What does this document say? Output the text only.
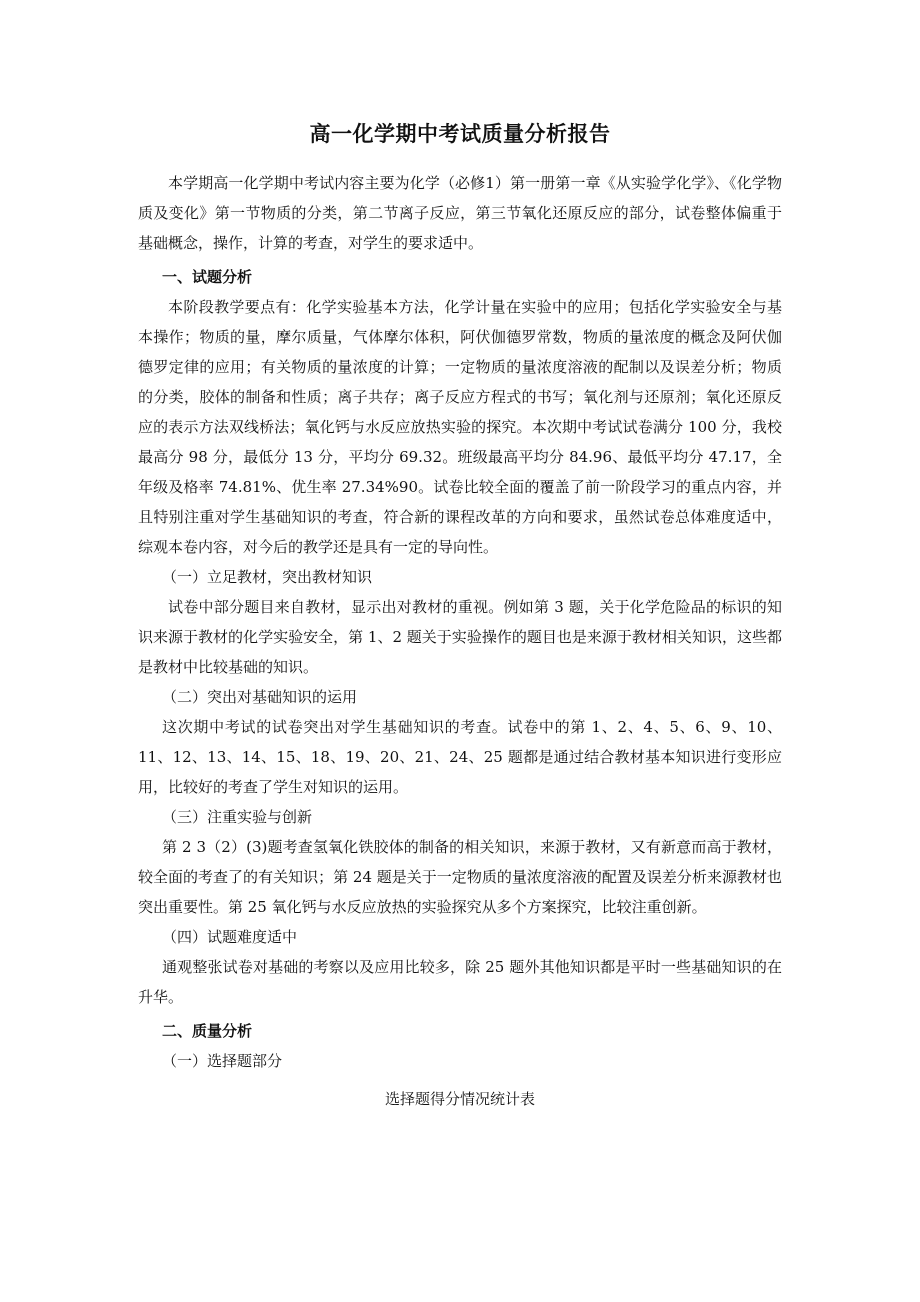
高一化学期中考试质量分析报告

本学期高一化学期中考试内容主要为化学（必修1）第一册第一章《从实验学化学》、《化学物质及变化》第一节物质的分类，第二节离子反应，第三节氧化还原反应的部分，试卷整体偏重于基础概念，操作，计算的考查，对学生的要求适中。

一、试题分析

本阶段教学要点有：化学实验基本方法，化学计量在实验中的应用；包括化学实验安全与基本操作；物质的量，摩尔质量，气体摩尔体积，阿伏伽德罗常数，物质的量浓度的概念及阿伏伽德罗定律的应用；有关物质的量浓度的计算；一定物质的量浓度溶液的配制以及误差分析；物质的分类，胶体的制备和性质；离子共存；离子反应方程式的书写；氧化剂与还原剂；氧化还原反应的表示方法双线桥法；氧化钙与水反应放热实验的探究。本次期中考试试卷满分 100 分，我校最高分 98 分，最低分 13 分，平均分 69.32。班级最高平均分 84.96、最低平均分 47.17，全年级及格率 74.81%、优生率 27.34%90。试卷比较全面的覆盖了前一阶段学习的重点内容，并且特别注重对学生基础知识的考查，符合新的课程改革的方向和要求，虽然试卷总体难度适中，综观本卷内容，对今后的教学还是具有一定的导向性。

（一）立足教材，突出教材知识

试卷中部分题目来自教材，显示出对教材的重视。例如第 3 题，关于化学危险品的标识的知识来源于教材的化学实验安全，第 1、2 题关于实验操作的题目也是来源于教材相关知识，这些都是教材中比较基础的知识。

（二）突出对基础知识的运用

这次期中考试的试卷突出对学生基础知识的考查。试卷中的第 1、2、4、5、6、9、10、11、12、13、14、15、18、19、20、21、24、25 题都是通过结合教材基本知识进行变形应用，比较好的考查了学生对知识的运用。

（三）注重实验与创新

第 2 3（2）(3)题考查氢氧化铁胶体的制备的相关知识，来源于教材，又有新意而高于教材，较全面的考查了的有关知识；第 24 题是关于一定物质的量浓度溶液的配置及误差分析来源教材也突出重要性。第 25 氧化钙与水反应放热的实验探究从多个方案探究，比较注重创新。

（四）试题难度适中

通观整张试卷对基础的考察以及应用比较多，除 25 题外其他知识都是平时一些基础知识的在升华。

二、质量分析
（一）选择题部分
选择题得分情况统计表
